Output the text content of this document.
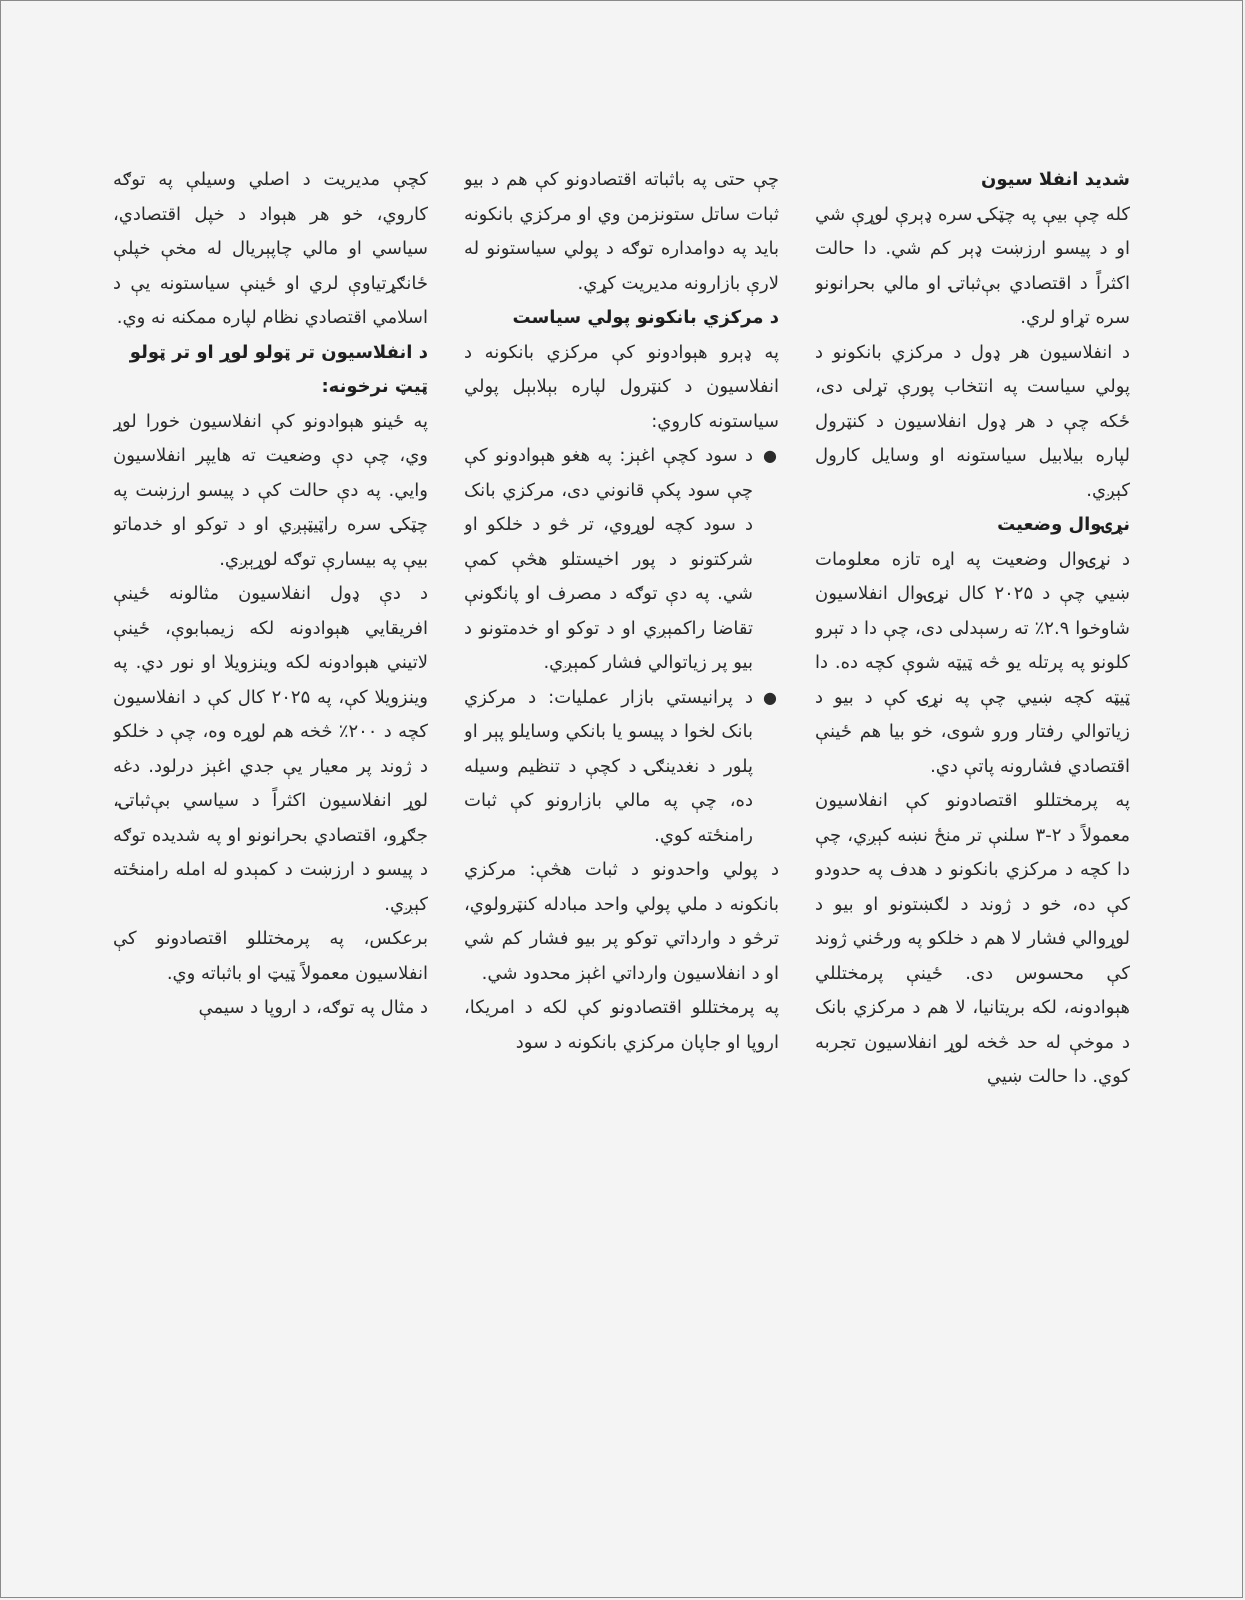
شدید انفلا سیون

کله چې بیې په چټکۍ سره ډېرې لوړې شي او د پیسو ارزښت ډېر کم شي. دا حالت اکثراً د اقتصادي بې‌ثباتۍ او مالي بحرانونو سره تړاو لري.

د انفلاسیون هر ډول د مرکزي بانکونو د پولي سیاست په انتخاب پورې تړلی دی، ځکه چې د هر ډول انفلاسیون د کنټرول لپاره بیلابیل سیاستونه او وسایل کارول کېږي.

نړۍوال وضعیت

د نړۍوال وضعیت په اړه تازه معلومات ښيي چې د ۲۰۲۵ کال نړۍوال انفلاسیون شاوخوا ۲.۹٪ ته رسېدلی دی، چې دا د تېرو کلونو په پرتله یو څه ټیټه شوې کچه ده. دا ټیټه کچه ښيي چې په نړۍ کې د بیو د زیاتوالي رفتار ورو شوی، خو بیا هم ځینې اقتصادي فشارونه پاتې دي.

په پرمختللو اقتصادونو کې انفلاسیون معمولاً د ۲-۳ سلنې تر منځ نښه کېږي، چې دا کچه د مرکزي بانکونو د هدف په حدودو کې ده، خو د ژوند د لګښتونو او بیو د لوړوالي فشار لا هم د خلکو په ورځني ژوند کې محسوس دی. ځینې پرمختللي هېوادونه، لکه بریتانیا، لا هم د مرکزي بانک د موخې له حد څخه لوړ انفلاسیون تجربه کوي. دا حالت ښيي

چې حتی په باثباته اقتصادونو کې هم د بیو ثبات ساتل ستونزمن وي او مرکزي بانکونه باید په دوامداره توګه د پولي سیاستونو له لارې بازارونه مدیریت کړي.

د مرکزي بانکونو پولي سیاست

په ډېرو هېوادونو کې مرکزي بانکونه د انفلاسیون د کنټرول لپاره بېلابېل پولي سیاستونه کاروي:

●
د سود کچې اغېز: په هغو هېوادونو کې چې سود پکې قانوني دی، مرکزي بانک د سود کچه لوړوي، تر څو د خلکو او شرکتونو د پور اخیستلو هڅې کمې شي. په دې توګه د مصرف او پانګونې تقاضا راکمېږي او د توکو او خدمتونو د بیو پر زیاتوالي فشار کمېږي.
●
د پرانیستي بازار عملیات: د مرکزي بانک لخوا د پیسو یا بانکي وسایلو پېر او پلور د نغدینګۍ د کچې د تنظیم وسیله ده، چې په مالي بازارونو کې ثبات رامنځته کوي.

د پولي واحدونو د ثبات هڅې: مرکزي بانکونه د ملي پولي واحد مبادله کنټرولوي، ترڅو د وارداتي توکو پر بیو فشار کم شي او د انفلاسیون وارداتي اغېز محدود شي.

په پرمختللو اقتصادونو کې لکه د امریکا، اروپا او جاپان مرکزي بانکونه د سود

کچې مدیریت د اصلي وسیلې په توګه کاروي، خو هر هېواد د خپل اقتصادي، سیاسي او مالي چاپېریال له مخې خپلې ځانګړتیاوې لري او ځینې سیاستونه یې د اسلامي اقتصادي نظام لپاره ممکنه نه وي.

د انفلاسیون تر ټولو لوړ او تر ټولو ټیټ نرخونه:

په ځینو هېوادونو کې انفلاسیون خورا لوړ وي، چې دې وضعیت ته هایپر انفلاسیون وایي. په دې حالت کې د پیسو ارزښت په چټکۍ سره راټیټېږي او د توکو او خدماتو بیې په بیسارې توګه لوړېږي.

د دې ډول انفلاسیون مثالونه ځینې افریقایي هېوادونه لکه زیمبابوې، ځینې لاتیني هېوادونه لکه وینزویلا او نور دي. په وینزویلا کې، په ۲۰۲۵ کال کې د انفلاسیون کچه د ۲۰۰٪ څخه هم لوړه وه، چې د خلکو د ژوند پر معیار یې جدي اغېز درلود. دغه لوړ انفلاسیون اکثراً د سیاسي بې‌ثباتۍ، جګړو، اقتصادي بحرانونو او په شدیده توګه د پیسو د ارزښت د کمېدو له امله رامنځته کېږي.

برعکس، په پرمختللو اقتصادونو کې انفلاسیون معمولاً ټیټ او باثباته وي.

د مثال په توګه، د اروپا د سیمې
